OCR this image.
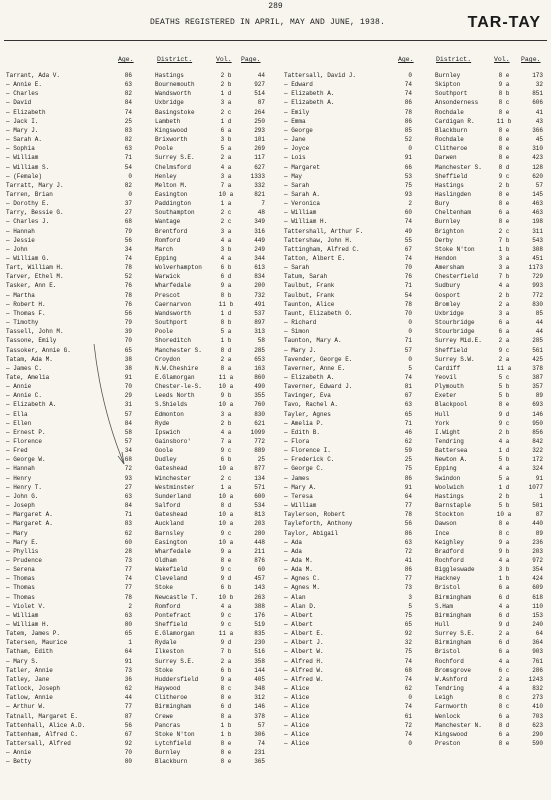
289
DEATHS REGISTERED IN APRIL, MAY AND JUNE, 1938.	TAR-TAY
Age.	District.	Vol. Page.	Age.	District.	Vol. Page.
Tarrant, Ada V.	86	Hastings	2 b	44
— Annie E.	63	Bournemouth	2 b	927
— Charles	82	Wandsworth	1 d	514
— David	84	Uxbridge	3 a	87
— Elizabeth	74	Basingstoke	2 c	264
— Jack I.	25	Lambeth	1 d	250
— Mary J.	83	Kingswood	6 a	293
— Sarah A.	82	Brixworth	3 b	101
— Sophia	63	Poole	5 a	269
— William	71	Surrey S.E.	2 a	117
— William S.	54	Chelmsford	4 a	627
— (Female)	0	Henley	3 a	1333
Tarratt, Mary J.	82	Melton M.	7 a	332
Tarren, Brian	0	Easington	10 a	821
— Dorothy E.	37	Paddington	1 a	7
Tarry, Bessie G.	27	Southampton	2 c	48
— Charles J.	68	Wantage	2 c	349
— Hannah	79	Brentford	3 a	316
— Jessie	56	Romford	4 a	449
— John	34	March	3 b	249
— William G.	74	Epping	4 a	344
Tart, William H.	78	Wolverhampton	6 b	613
Tarver, Ethel M.	52	Warwick	6 d	834
Tasker, Ann E.	76	Wharfedale	9 a	200
— Martha	78	Prescot	8 b	732
— Robert H.	76	Caernarvon	11 b	491
— Thomas F.	56	Wandsworth	1 d	537
— Timothy	79	Southport	8 b	897
Tassell, John M.	39	Poole	5 a	313
Tassone, Emily	70	Shoreditch	1 b	58
Tassoker, Annie G.	65	Manchester S.	8 d	285
Tatam, Ada M.	38	Croydon	2 a	653
— James C.	38	N.W.Cheshire	8 a	163
Tate, Amelia	91	E.Glamorgan	11 a	860
— Annie	70	Chester-le-S.	10 a	490
— Annie C.	29	Leeds North	9 b	355
— Elizabeth A.	31	S.Shields	10 a	760
— Ella	57	Edmonton	3 a	830
— Ellen	84	Ryde	2 b	621
— Ernest P.	58	Ipswich	4 a	1099
— Florence	57	Gainsboro'	7 a	772
— Fred	34	Goole	9 c	889
— George W.	68	Dudley	6 b	25
— Hannah	72	Gateshead	10 a	877
— Henry	93	Winchester	2 c	134
— Henry T.	27	Westminster	1 a	571
— John G.	63	Sunderland	10 a	600
— Joseph	84	Salford	8 d	534
— Margaret A.	71	Gateshead	10 a	813
— Margaret A.	83	Auckland	10 a	203
— Mary	62	Barnsley	9 c	280
— Mary E.	60	Easington	10 a	448
— Phyllis	28	Wharfedale	9 a	211
— Prudence	73	Oldham	8 e	876
— Serena	77	Wakefield	9 c	60
— Thomas	74	Cleveland	9 d	457
— Thomas	77	Stoke	6 b	143
— Thomas	78	Newcastle T.	10 b	263
— Violet V.	2	Romford	4 a	388
— William	63	Pontefract	9 c	176
— William H.	80	Sheffield	9 c	519
Tatem, James P.	65	E.Glamorgan	11 a	835
Tatersen, Maurice	1	Rydale	9 d	230
Tatham, Edith	64	Ilkeston	7 b	516
— Mary S.	91	Surrey S.E.	2 a	358
Tatler, Annie	73	Stoke	6 b	144
Tatley, Jane	36	Huddersfield	9 a	405
Tatlock, Joseph	62	Haywood	8 c	348
Tatlow, Annie	44	Clitheroe	8 e	312
— Arthur W.	77	Birmingham	6 d	146
Tatnall, Margaret E.	87	Crewe	8 a	378
Tattenhall, Alice A.D.	56	Pancras	1 b	57
Tattenham, Alfred C.	67	Stoke N'ton	1 b	306
Tattersall, Alfred	92	Lytchfield	8 e	74
— Annie	70	Burnley	8 e	231
— Betty	80	Blackburn	8 e	365
Tattersall, David J.	0	Burnley	8 e	173
— Edward	74	Skipton	9 a	32
— Elizabeth A.	74	Southport	8 b	851
— Elizabeth A.	86	Ansonderness	8 c	606
— Emily	78	Rochdale	8 e	41
— Emma	86	Cardigan R.	11 b	43
— George	85	Blackburn	8 e	366
— Jane	52	Rochdale	8 e	45
— Joyce	0	Clitheroe	8 e	310
— Lois	91	Darwen	8 e	423
— Margaret	66	Manchester S.	8 d	128
— May	53	Sheffield	9 c	620
— Sarah	75	Hastings	2 b	57
— Sarah A.	93	Haslingden	8 e	145
— Veronica	2	Bury	8 e	463
— William	60	Cheltenham	6 a	463
— William H.	74	Burnley	8 e	198
Tattershall, Arthur F.	49	Brighton	2 c	311
Tattershaw, John H.	55	Derby	7 b	543
Tattingham, Alfred C.	67	Stoke N'ton	1 b	308
Tatton, Albert E.	74	Hendon	3 a	451
— Sarah	70	Amersham	3 a	1173
Tatum, Sarah	76	Chesterfield	7 b	729
Taulbut, Frank	71	Sudbury	4 a	993
Taulbut, Frank	54	Gosport	2 b	772
Taunton, Alice	78	Bromley	2 a	830
Taunt, Elizabeth O.	70	Uxbridge	3 a	85
— Richard	0	Stourbridge	6 a	44
— Simon	0	Stourbridge	6 a	44
Taunton, Mary A.	71	Surrey Mid.E.	2 a	285
— Mary J.	57	Sheffield	9 c	561
Tavender, George E.	0	Surrey S.W.	2 a	425
Taverner, Anne E.	5	Cardiff	11 a	378
— Elizabeth A.	74	Yeovil	5 c	387
Taverner, Edward J.	81	Plymouth	5 b	357
Tavinger, Eva	67	Exeter	5 b	89
Tavo, Rachel A.	63	Blackpool	8 e	693
Tayler, Agnes	65	Hull	9 d	146
— Amelia P.	71	York	9 c	950
— Edith B.	46	I.Wight	2 b	856
— Flora	62	Tendring	4 a	842
— Florence I.	59	Battersea	1 d	322
— Frederick C.	25	Newton A.	5 b	172
— George C.	75	Epping	4 a	324
— James	86	Swindon	5 a	91
— Mary A.	91	Woolwich	1 d	1077
— Teresa	64	Hastings	2 b	1
— William	77	Barnstaple	5 b	501
Taylerson, Robert	78	Stockton	10 a	87
Tayleforth, Anthony	56	Dawson	8 e	440
Taylor, Abigail	86	Ince	8 c	89
— Ada	63	Keighley	9 a	236
— Ada	72	Bradford	9 b	203
— Ada M.	41	Rochford	4 a	972
— Ada M.	86	Biggleswade	3 b	354
— Agnes C.	77	Hackney	1 b	424
— Agnes M.	73	Bristol	6 a	609
— Alan	3	Birmingham	6 d	618
— Alan D.	5	S.Ham	4 a	110
— Albert	75	Birmingham	6 d	153
— Albert	65	Hull	9 d	240
— Albert E.	92	Surrey S.E.	2 a	64
— Albert J.	32	Birmingham	6 d	364
— Albert W.	75	Bristol	6 a	903
— Alfred H.	74	Rochford	4 a	761
— Alfred W.	68	Bromsgrove	6 c	286
— Alfred W.	74	W.Ashford	2 a	1243
— Alice	62	Tendring	4 a	832
— Alice	0	Leigh	8 c	273
— Alice	74	Farnworth	8 c	410
— Alice	61	Wenlock	6 a	703
— Alice	72	Manchester N.	8 d	623
— Alice	74	Kingswood	6 a	290
— Alice	0	Preston	8 e	590
